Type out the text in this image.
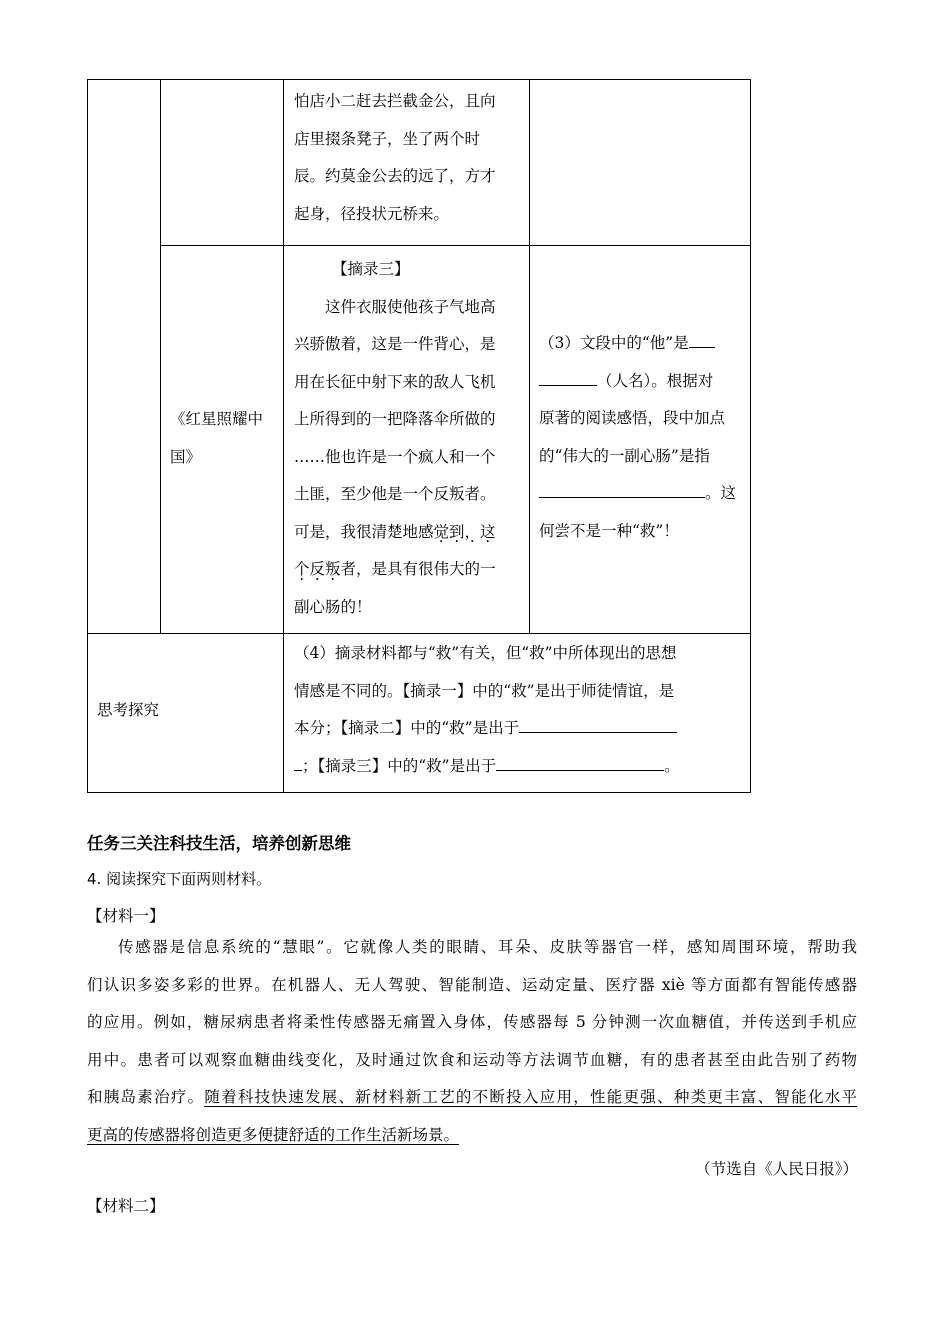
怕店小二赶去拦截金公，且向

店里掇条凳子，坐了两个时

辰。约莫金公去的远了，方才

起身，径投状元桥来。

《红星照耀中

国》

【摘录三】

这件衣服使他孩子气地高

兴骄傲着，这是一件背心，是

用在长征中射下来的敌人飞机

上所得到的一把降落伞所做的

……他也许是一个疯人和一个

土匪，至少他是一个反叛者。

可是，我很清楚地感觉到，这

个反叛者，是具有很伟大的一

副心肠的！

（3）文段中的“他”是

（人名）。根据对

原著的阅读感悟，段中加点

的“伟大的一副心肠”是指

。这

何尝不是一种“救”！

思考探究

（4）摘录材料都与“救”有关，但“救”中所体现出的思想

情感是不同的。【摘录一】中的“救”是出于师徒情谊，是

本分；【摘录二】中的“救”是出于

；【摘录三】中的“救”是出于	。

任务三关注科技生活，培养创新思维
4. 阅读探究下面两则材料。
【材料一】
传感器是信息系统的“慧眼”。它就像人类的眼睛、耳朵、皮肤等器官一样，感知周围环境，帮助我
们认识多姿多彩的世界。在机器人、无人驾驶、智能制造、运动定量、医疗器 xiè 等方面都有智能传感器
的应用。例如，糖尿病患者将柔性传感器无痛置入身体，传感器每 5 分钟测一次血糖值，并传送到手机应
用中。患者可以观察血糖曲线变化，及时通过饮食和运动等方法调节血糖，有的患者甚至由此告别了药物
和胰岛素治疗。随着科技快速发展、新材料新工艺的不断投入应用，性能更强、种类更丰富、智能化水平
更高的传感器将创造更多便捷舒适的工作生活新场景。
（节选自《人民日报》）
【材料二】
